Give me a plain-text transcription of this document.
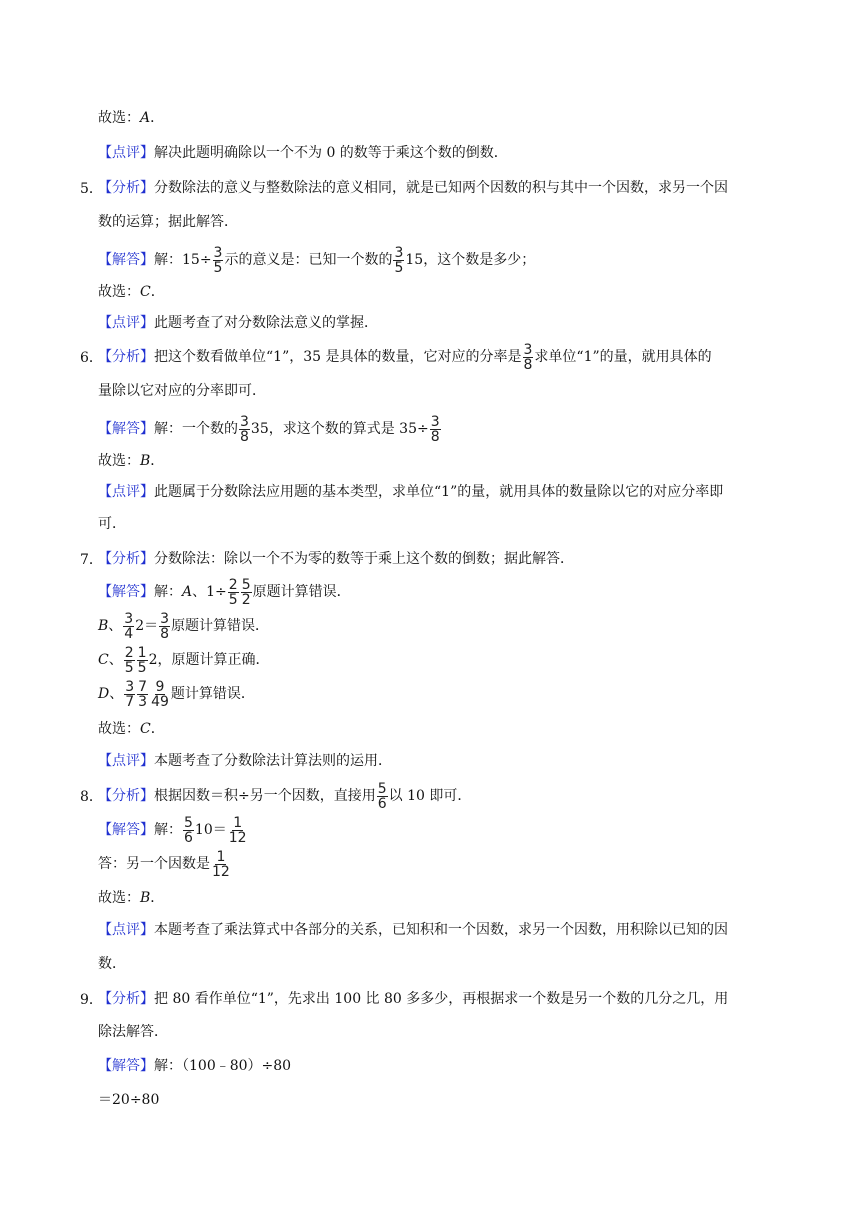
故选：A．
【点评】解决此题明确除以一个不为 0 的数等于乘这个数的倒数．
5．
【分析】分数除法的意义与整数除法的意义相同，就是已知两个因数的积与其中一个因数，求另一个因
数的运算；据此解答．
【解答】解：$15\div \frac{3}{5}$ 示的意义是：已知一个数的 $\frac{3}{5} 15$，这个数是多少；
故选：C．
【点评】此题考查了对分数除法意义的掌握．
6．
【分析】把这个数看做单位“1”，35 是具体的数量，它对应的分率是 $\frac{3}{8}$ 求单位“1”的量，就用具体的
量除以它对应的分率即可．
【解答】解：一个数的 $\frac{3}{8} 35$，求这个数的算式是 $35\div \frac{3}{8}$
故选：B．
【点评】此题属于分数除法应用题的基本类型，求单位“1”的量，就用具体的数量除以它的对应分率即
可．
7．
【分析】分数除法：除以一个不为零的数等于乘上这个数的倒数；据此解答．
【解答】解：A、$1\div \frac{2}{5} \frac{5}{2}$ 原题计算错误．
B、 $\frac{3}{4} 2= \frac{3}{8}$ 原题计算错误．
C、 $\frac{2}{5} \frac{1}{5} 2$，原题计算正确．
D、 $\frac{3}{7} \frac{7}{3} \frac{9}{49}$ 题计算错误．
故选：C．
【点评】本题考查了分数除法计算法则的运用．
8．
【分析】根据因数＝积÷另一个因数，直接用 $\frac{5}{6}$ 以 10 即可．
【解答】解： $\frac{5}{6} 10= \frac{1}{12}$
答：另一个因数是 $\frac{1}{12}$
故选：B．
【点评】本题考查了乘法算式中各部分的关系，已知积和一个因数，求另一个因数，用积除以已知的因
数．
9．
【分析】把 80 看作单位“1”，先求出 100 比 80 多多少，再根据求一个数是另一个数的几分之几，用
除法解答．
【解答】解：（100﹣80）÷80
＝20÷80
